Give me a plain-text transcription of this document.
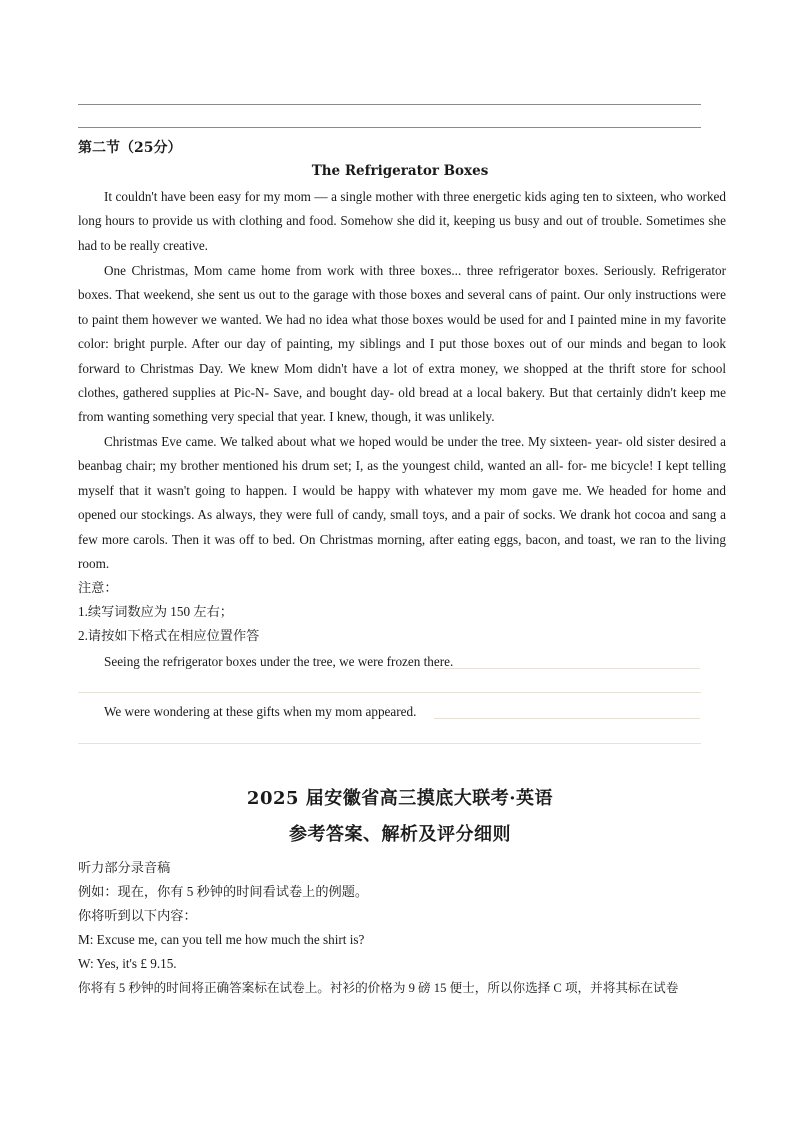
第二节（25分）
The Refrigerator Boxes

It couldn't have been easy for my mom — a single mother with three energetic kids aging ten to sixteen, who worked long hours to provide us with clothing and food. Somehow she did it, keeping us busy and out of trouble. Sometimes she had to be really creative.

One Christmas, Mom came home from work with three boxes... three refrigerator boxes. Seriously. Refrigerator boxes. That weekend, she sent us out to the garage with those boxes and several cans of paint. Our only instructions were to paint them however we wanted. We had no idea what those boxes would be used for and I painted mine in my favorite color: bright purple. After our day of painting, my siblings and I put those boxes out of our minds and began to look forward to Christmas Day. We knew Mom didn't have a lot of extra money, we shopped at the thrift store for school clothes, gathered supplies at Pic-N- Save, and bought day- old bread at a local bakery. But that certainly didn't keep me from wanting something very special that year. I knew, though, it was unlikely.

Christmas Eve came. We talked about what we hoped would be under the tree. My sixteen- year- old sister desired a beanbag chair; my brother mentioned his drum set; I, as the youngest child, wanted an all- for- me bicycle! I kept telling myself that it wasn't going to happen. I would be happy with whatever my mom gave me. We headed for home and opened our stockings. As always, they were full of candy, small toys, and a pair of socks. We drank hot cocoa and sang a few more carols. Then it was off to bed. On Christmas morning, after eating eggs, bacon, and toast, we ran to the living room.

注意：
1.续写词数应为 150 左右；
2.请按如下格式在相应位置作答
Seeing the refrigerator boxes under the tree, we were frozen there.
We were wondering at these gifts when my mom appeared.
2025 届安徽省高三摸底大联考·英语
参考答案、解析及评分细则
听力部分录音稿
例如：现在，你有 5 秒钟的时间看试卷上的例题。
你将听到以下内容：
M: Excuse me, can you tell me how much the shirt is?
W: Yes, it's £ 9.15.
你将有 5 秒钟的时间将正确答案标在试卷上。衬衫的价格为 9 磅 15 便士，所以你选择 C 项，并将其标在试卷
